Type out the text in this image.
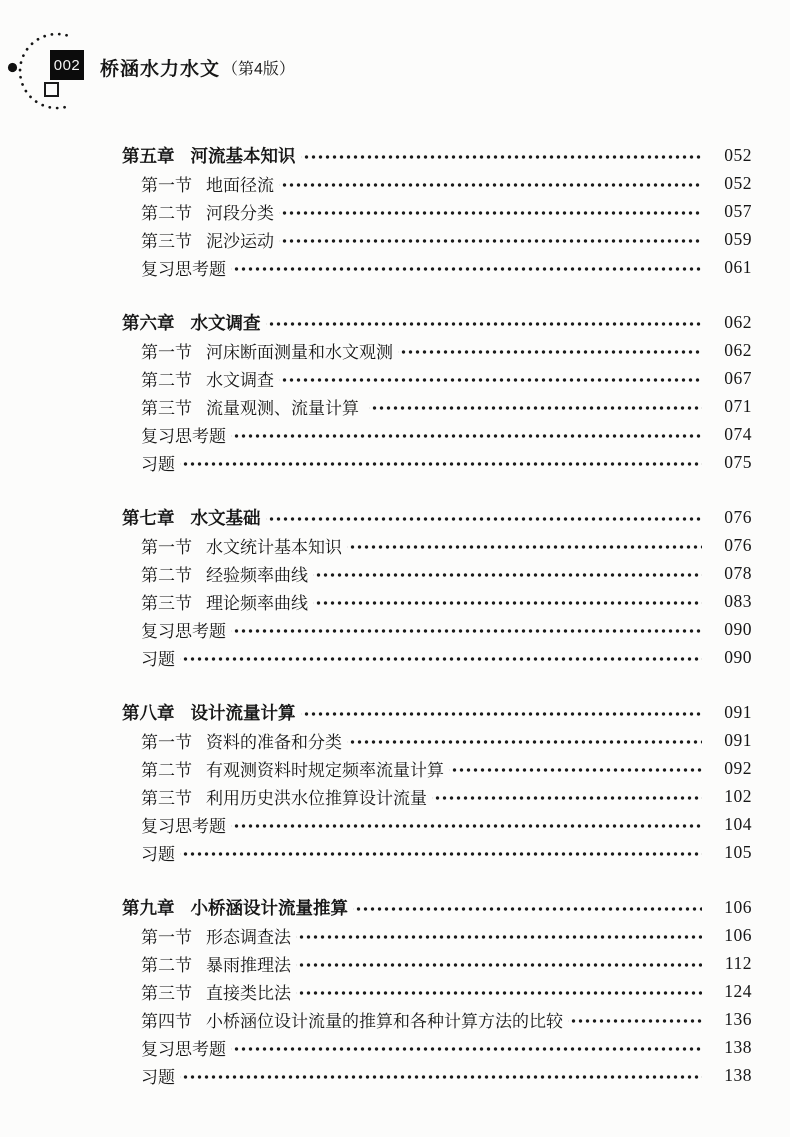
002 桥涵水力水文 （第4版）
第五章 河流基本知识	052
第一节 地面径流	052
第二节 河段分类	057
第三节 泥沙运动	059
复习思考题	061
第六章 水文调查	062
第一节 河床断面测量和水文观测	062
第二节 水文调查	067
第三节 流量观测、流量计算	071
复习思考题	074
习题	075
第七章 水文基础	076
第一节 水文统计基本知识	076
第二节 经验频率曲线	078
第三节 理论频率曲线	083
复习思考题	090
习题	090
第八章 设计流量计算	091
第一节 资料的准备和分类	091
第二节 有观测资料时规定频率流量计算	092
第三节 利用历史洪水位推算设计流量	102
复习思考题	104
习题	105
第九章 小桥涵设计流量推算	106
第一节 形态调查法	106
第二节 暴雨推理法	112
第三节 直接类比法	124
第四节 小桥涵位设计流量的推算和各种计算方法的比较	136
复习思考题	138
习题	138
